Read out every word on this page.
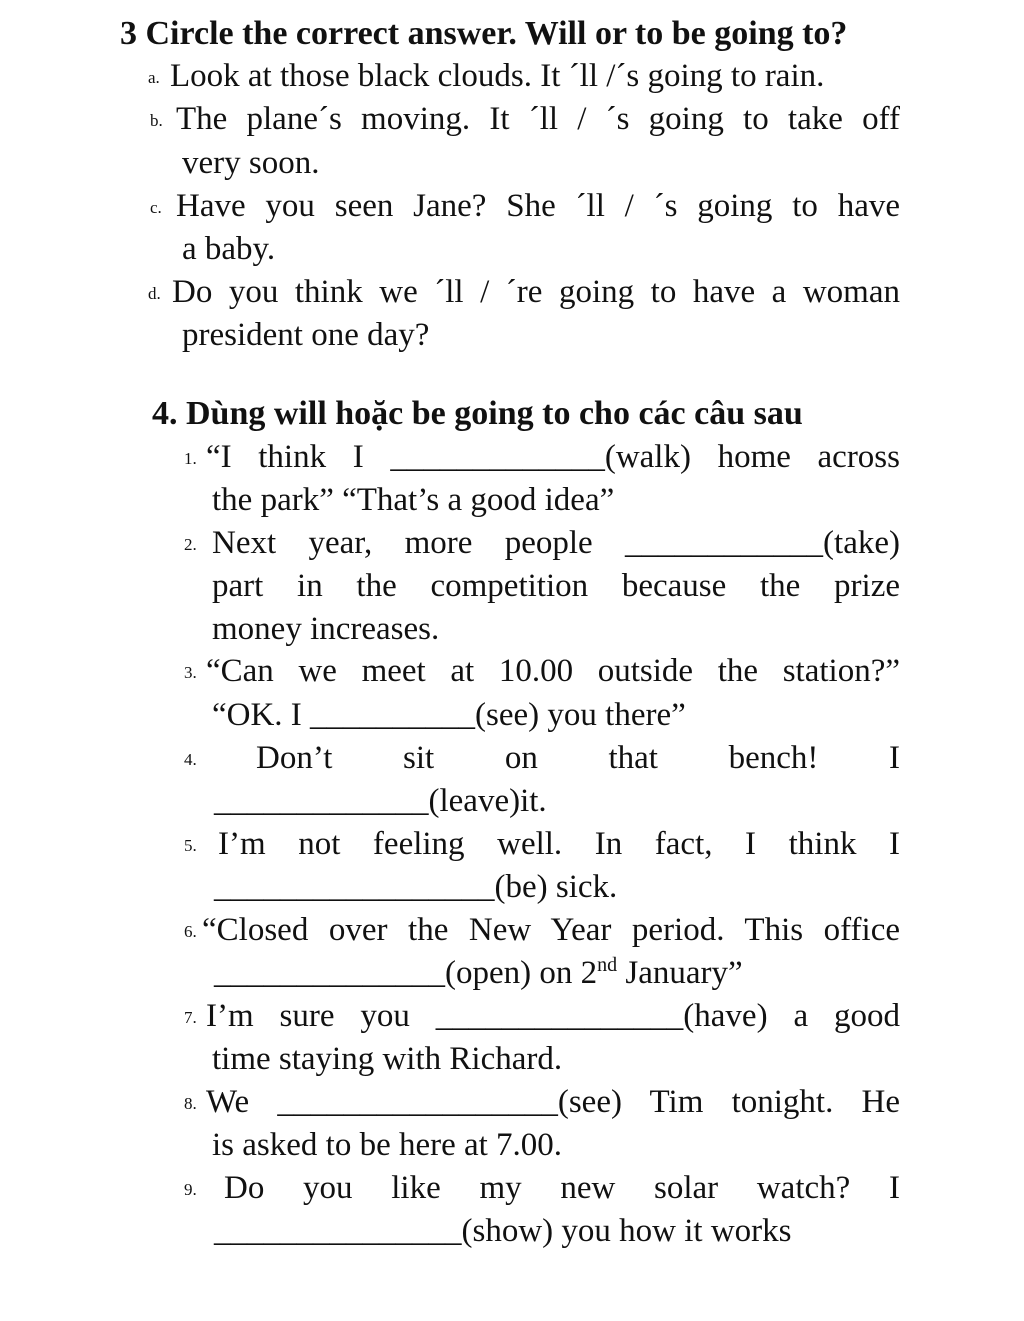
3 Circle the correct answer. Will or to be going to?
a. Look at those black clouds. It ´ll /´s going to rain.
b. The plane´s moving. It ´ll / ´s going to take off
very soon.
c. Have you seen Jane? She ´ll / ´s going to have
a baby.
d. Do you think we ´ll / ´re going to have a woman
president one day?
4. Dùng will hoặc be going to cho các câu sau
1. “I think I _____________(walk) home across
the park” “That’s a good idea”
2. Next year, more people ____________(take)
part in the competition because the prize
money increases.
3. “Can we meet at 10.00 outside the station?”
“OK. I __________(see) you there”
4. Don’t sit on that bench! I
_____________(leave)it.
5. I’m not feeling well. In fact, I think I
_________________(be) sick.
6. “Closed over the New Year period. This office
______________(open) on 2nd January”
7. I’m sure you _______________(have) a good
time staying with Richard.
8. We _________________(see) Tim tonight. He
is asked to be here at 7.00.
9. Do you like my new solar watch? I
_______________(show) you how it works
